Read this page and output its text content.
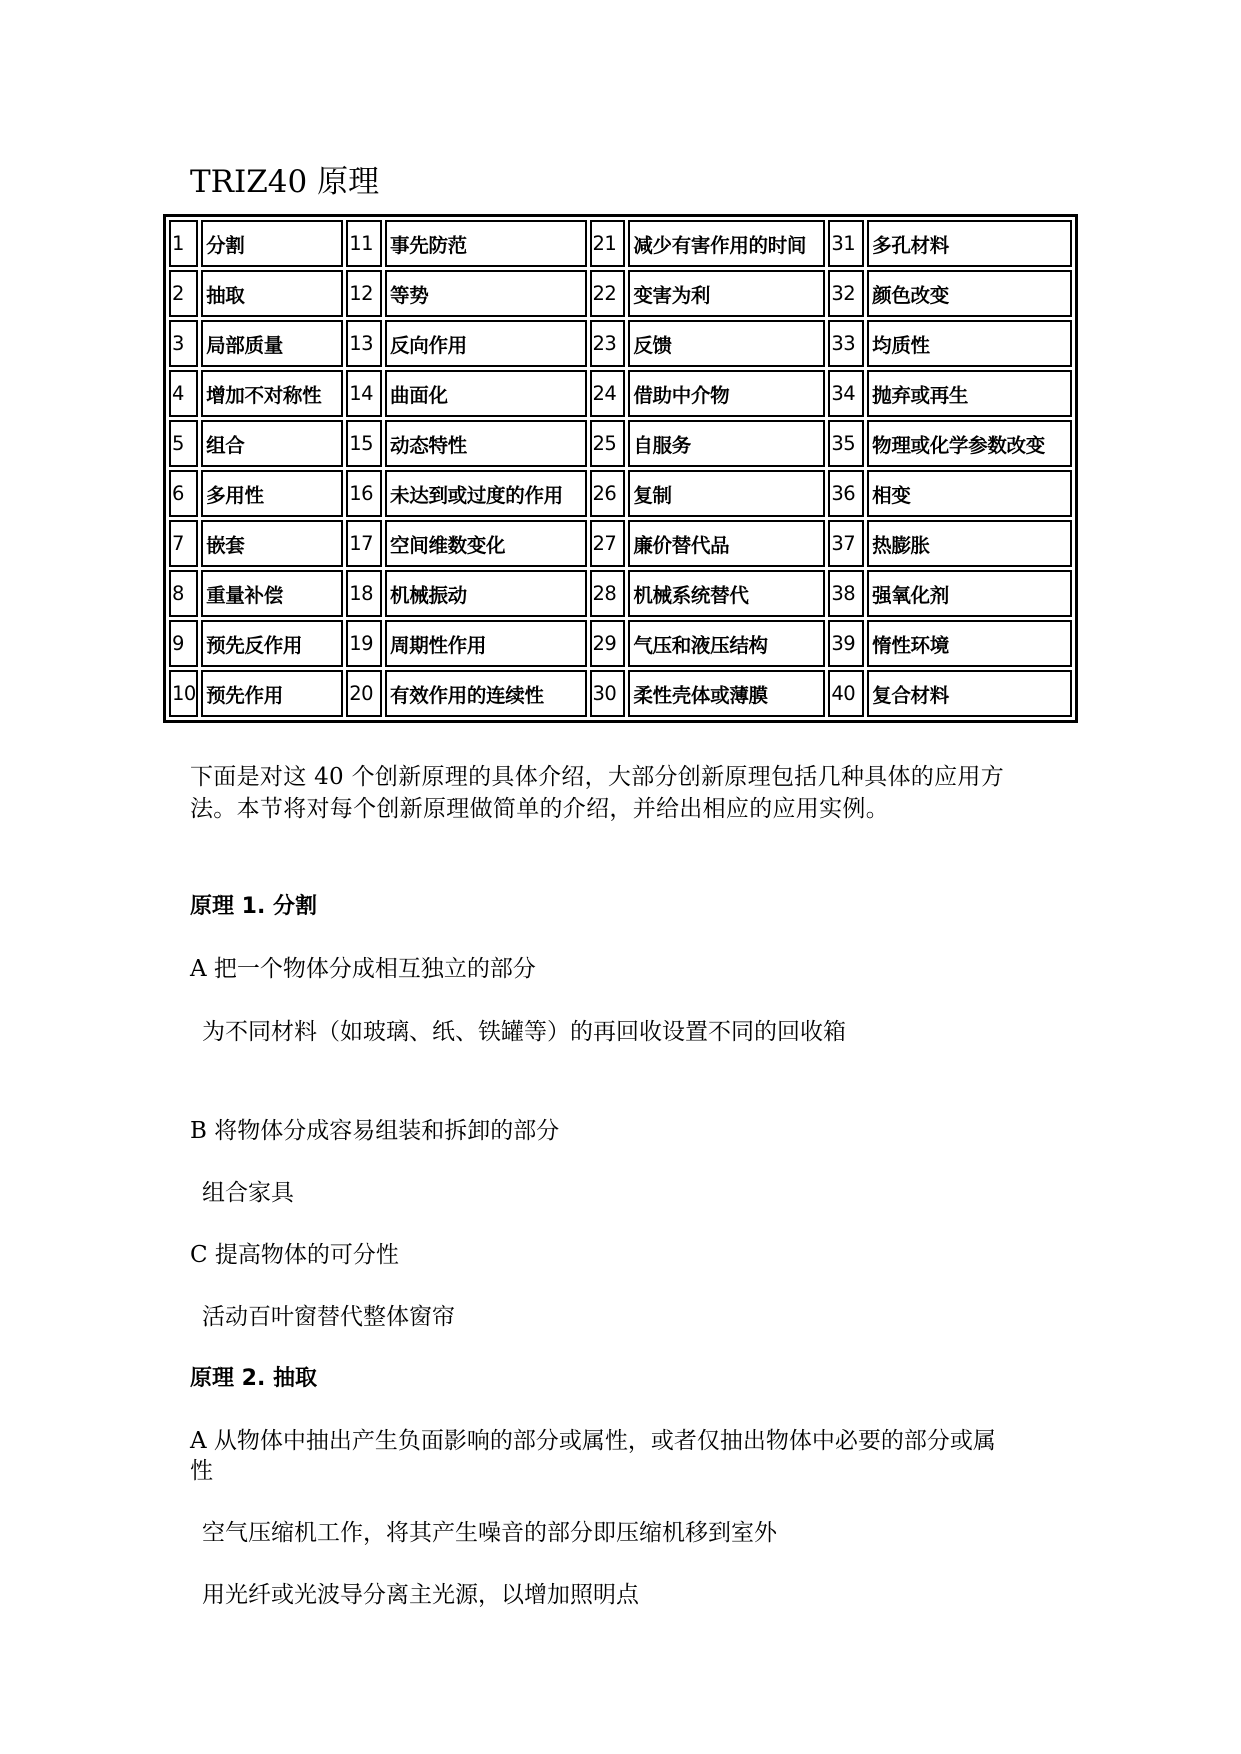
TRIZ40 原理
1	分割	11	事先防范	21	减少有害作用的时间	31	多孔材料
2	抽取	12	等势	22	变害为利	32	颜色改变
3	局部质量	13	反向作用	23	反馈	33	均质性
4	增加不对称性	14	曲面化	24	借助中介物	34	抛弃或再生
5	组合	15	动态特性	25	自服务	35	物理或化学参数改变
6	多用性	16	未达到或过度的作用	26	复制	36	相变
7	嵌套	17	空间维数变化	27	廉价替代品	37	热膨胀
8	重量补偿	18	机械振动	28	机械系统替代	38	强氧化剂
9	预先反作用	19	周期性作用	29	气压和液压结构	39	惰性环境
10	预先作用	20	有效作用的连续性	30	柔性壳体或薄膜	40	复合材料
下面是对这 40 个创新原理的具体介绍，大部分创新原理包括几种具体的应用方
法。本节将对每个创新原理做简单的介绍，并给出相应的应用实例。
原理 1. 分割
A 把一个物体分成相互独立的部分
为不同材料（如玻璃、纸、铁罐等）的再回收设置不同的回收箱
B 将物体分成容易组装和拆卸的部分
组合家具
C 提高物体的可分性
活动百叶窗替代整体窗帘
原理 2. 抽取
A 从物体中抽出产生负面影响的部分或属性，或者仅抽出物体中必要的部分或属
性
空气压缩机工作，将其产生噪音的部分即压缩机移到室外
用光纤或光波导分离主光源，以增加照明点
